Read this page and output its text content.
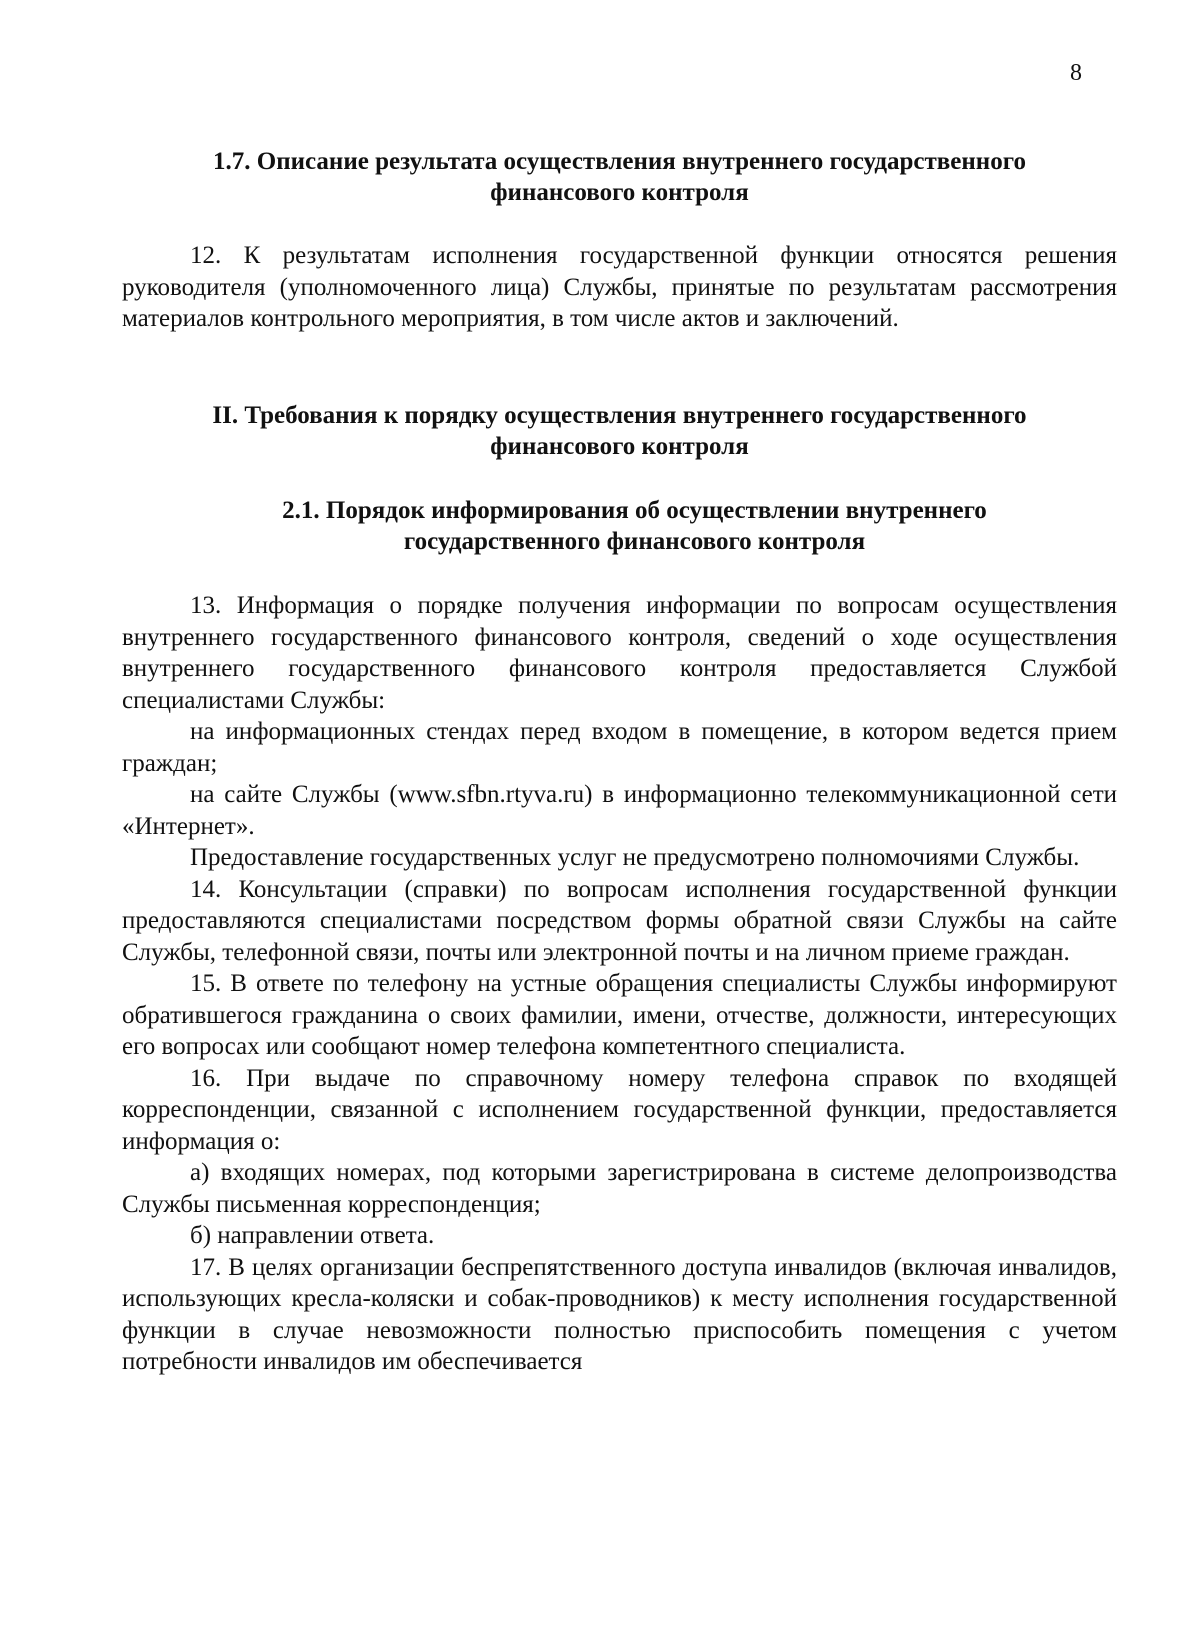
8
1.7. Описание результата осуществления внутреннего государственного
финансового контроля

12. К результатам исполнения государственной функции относятся решения руководителя (уполномоченного лица) Службы, принятые по результатам рассмотрения материалов контрольного мероприятия, в том числе актов и заключений.

II. Требования к порядку осуществления внутреннего государственного
финансового контроля
2.1. Порядок информирования об осуществлении внутреннего
государственного финансового контроля

13. Информация о порядке получения информации по вопросам осуществления внутреннего государственного финансового контроля, сведений о ходе осуществления внутреннего государственного финансового контроля предоставляется Службой специалистами Службы:

на информационных стендах перед входом в помещение, в котором ведется прием граждан;

на сайте Службы (www.sfbn.rtyva.ru) в информационно телекоммуникационной сети «Интернет».

Предоставление государственных услуг не предусмотрено полномочиями Службы.

14. Консультации (справки) по вопросам исполнения государственной функции предоставляются специалистами посредством формы обратной связи Службы на сайте Службы, телефонной связи, почты или электронной почты и на личном приеме граждан.

15. В ответе по телефону на устные обращения специалисты Службы информируют обратившегося гражданина о своих фамилии, имени, отчестве, должности, интересующих его вопросах или сообщают номер телефона компетентного специалиста.

16. При выдаче по справочному номеру телефона справок по входящей корреспонденции, связанной с исполнением государственной функции, предоставляется информация о:

а) входящих номерах, под которыми зарегистрирована в системе делопроизводства Службы письменная корреспонденция;

б) направлении ответа.

17. В целях организации беспрепятственного доступа инвалидов (включая инвалидов, использующих кресла-коляски и собак-проводников) к месту исполнения государственной функции в случае невозможности полностью приспособить помещения с учетом потребности инвалидов им обеспечивается
